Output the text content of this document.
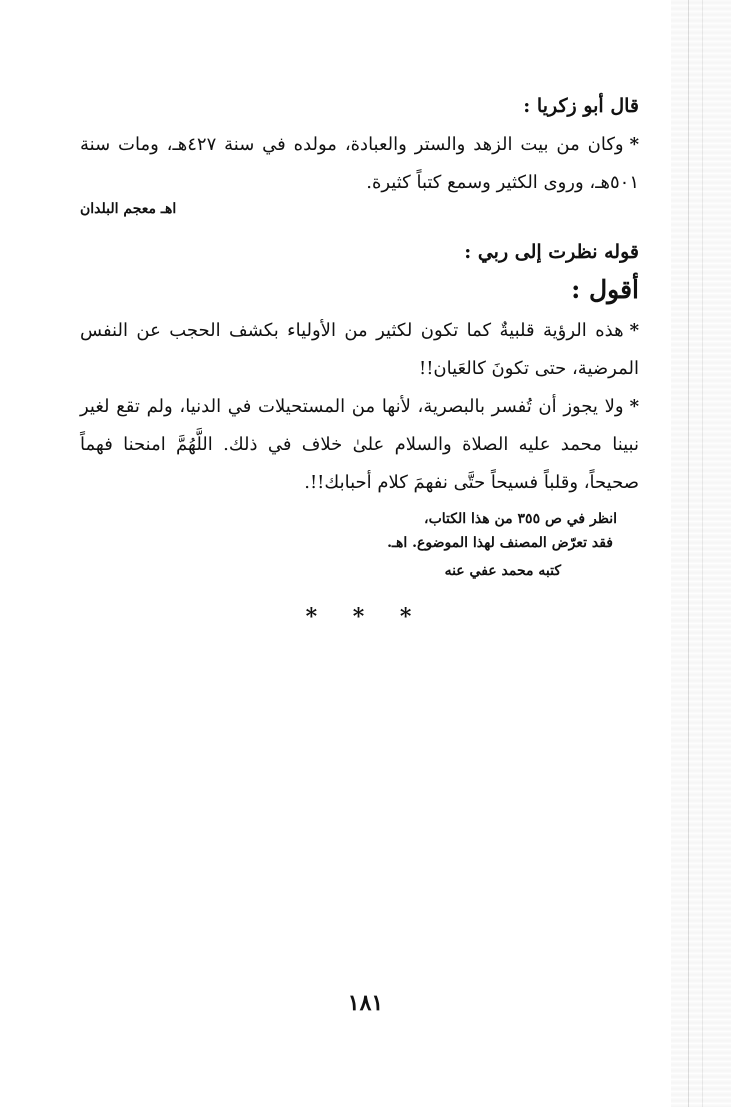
قال أبو زكريا :
*وكان من بيت الزهد والستر والعبادة، مولده في سنة ٤٢٧هـ، ومات سنة ٥٠١هـ، وروى الكثير وسمع كتباً كثيرة.
اهـ معجم البلدان
قوله نظرت إلى ربي :
أقول :
*هذه الرؤية قلبيةٌ كما تكون لكثير من الأولياء بكشف الحجب عن النفس المرضية، حتى تكونَ كالعَيان!!
*ولا يجوز أن تُفسر بالبصرية، لأنها من المستحيلات في الدنيا، ولم تقع لغير نبينا محمد عليه الصلاة والسلام علىٰ خلاف في ذلك. اللَّهُمَّ امنحنا فهماً صحيحاً، وقلباً فسيحاً حتَّى نفهمَ كلام أحبابك!!.
انظر في ص ٣٥٥ من هذا الكتاب،
فقد تعرّض المصنف لهذا الموضوع. اهـ.
كتبه محمد عفي عنه
* * *
١٨١
